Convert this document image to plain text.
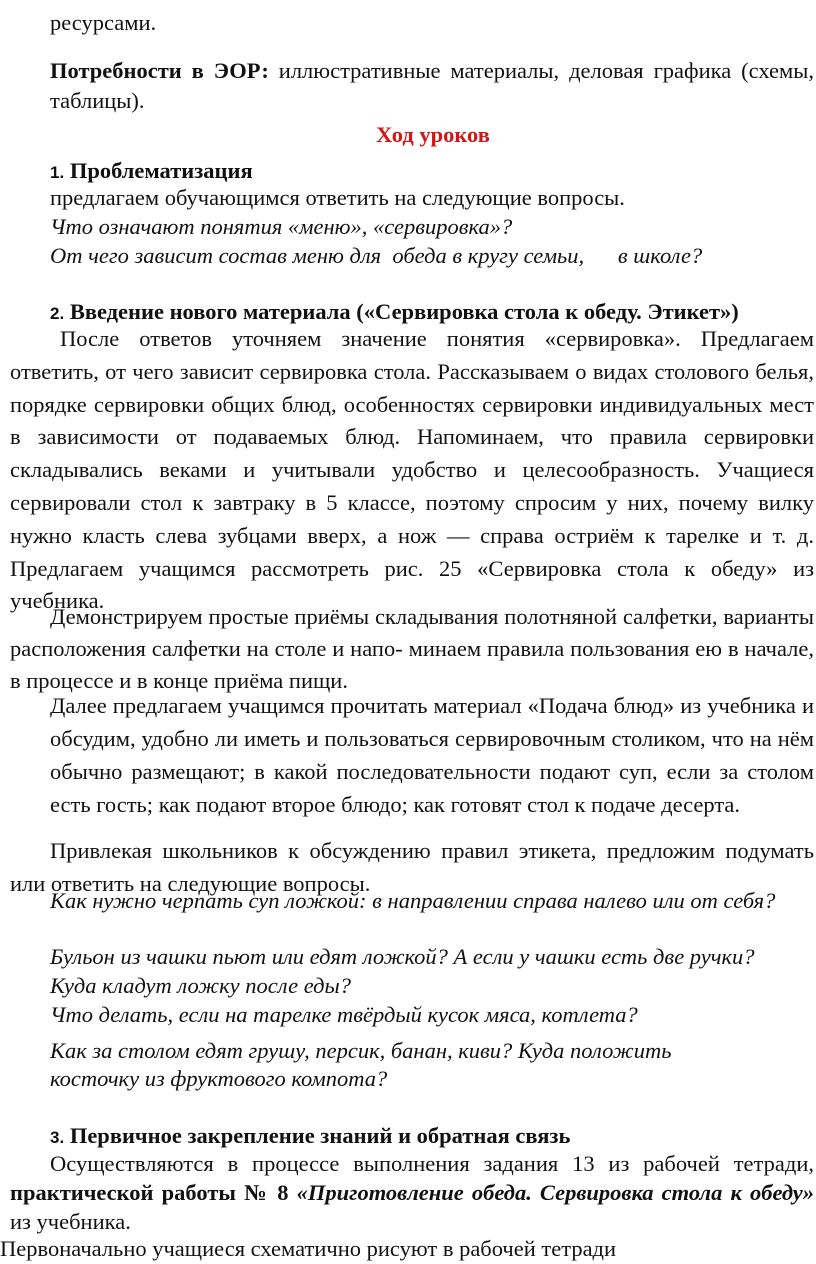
ресурсами.

Потребности в ЭОР: иллюстративные материалы, деловая графика (схемы, таблицы).

Ход уроков

1. Проблематизация

предлагаем обучающимся ответить на следующие вопросы.

Что означают понятия «меню», «сервировка»?

От чего зависит состав меню для  обеда в кругу семьи,      в школе?

2. Введение нового материала («Сервировка стола к обеду. Этикет»)

После ответов уточняем значение понятия «сервировка». Предлагаем ответить, от чего зависит сервировка стола. Рассказываем о видах столового белья, порядке сервировки общих блюд, особенностях сервировки индивидуальных мест в зависимости от подаваемых блюд. Напоминаем, что правила сервировки складывались веками и учитывали удобство и целесообразность. Учащиеся сервировали стол к завтраку в 5 классе, поэтому спросим у них, почему вилку нужно класть слева зубцами вверх, а нож — справа остриём к тарелке и т. д. Предлагаем учащимся рассмотреть рис. 25 «Сервировка стола к обеду» из учебника.

Демонстрируем простые приёмы складывания полотняной салфетки, варианты расположения салфетки на столе и напо- минаем правила пользования ею в начале, в процессе и в конце приёма пищи.

Далее предлагаем учащимся прочитать материал «Подача блюд» из учебника и обсудим, удобно ли иметь и пользоваться сервировочным столиком, что на нём обычно размещают; в какой последовательности подают суп, если за столом есть гость; как подают второе блюдо; как готовят стол к подаче десерта.

Привлекая школьников к обсуждению правил этикета, предложим подумать или ответить на следующие вопросы.

Как нужно черпать суп ложкой: в направлении справа налево или от себя?

Бульон из чашки пьют или едят ложкой? А если у чашки есть две ручки?

Куда кладут ложку после еды?

Что делать, если на тарелке твёрдый кусок мяса, котлета?

Как за столом едят грушу, персик, банан, киви? Куда положить косточку из фруктового компота?

3. Первичное закрепление знаний и обратная связь

Осуществляются в процессе выполнения задания 13 из рабочей тетради, практической работы № 8 «Приготовление обеда. Сервировка стола к обеду» из учебника.

Первоначально учащиеся схематично рисуют в рабочей тетради
